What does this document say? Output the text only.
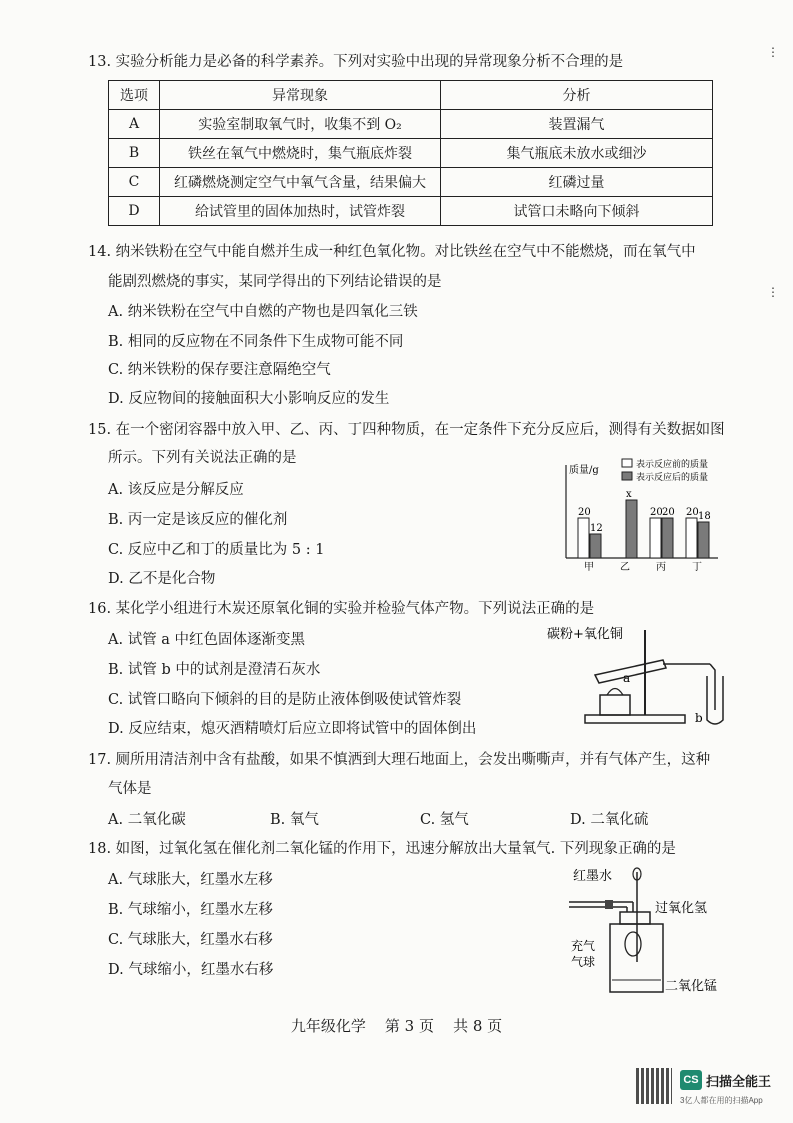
⋮
⋮
13. 实验分析能力是必备的科学素养。下列对实验中出现的异常现象分析不合理的是
选项	异常现象	分析
A	实验室制取氧气时，收集不到 O₂	装置漏气
B	铁丝在氧气中燃烧时，集气瓶底炸裂	集气瓶底未放水或细沙
C	红磷燃烧测定空气中氧气含量，结果偏大	红磷过量
D	给试管里的固体加热时，试管炸裂	试管口未略向下倾斜
14. 纳米铁粉在空气中能自燃并生成一种红色氧化物。对比铁丝在空气中不能燃烧，而在氧气中
能剧烈燃烧的事实，某同学得出的下列结论错误的是
A. 纳米铁粉在空气中自燃的产物也是四氧化三铁
B. 相同的反应物在不同条件下生成物可能不同
C. 纳米铁粉的保存要注意隔绝空气
D. 反应物间的接触面积大小影响反应的发生
15. 在一个密闭容器中放入甲、乙、丙、丁四种物质，在一定条件下充分反应后，测得有关数据如图
所示。下列有关说法正确的是
A. 该反应是分解反应
B. 丙一定是该反应的催化剂
C. 反应中乙和丁的质量比为 5 : 1
D. 乙不是化合物
表示反应前的质量
表示反应后的质量
质量/g
20
12
甲
x
乙
20 20
丙
20 18
丁
16. 某化学小组进行木炭还原氧化铜的实验并检验气体产物。下列说法正确的是
A. 试管 a 中红色固体逐渐变黑
B. 试管 b 中的试剂是澄清石灰水
C. 试管口略向下倾斜的目的是防止液体倒吸使试管炸裂
D. 反应结束，熄灭酒精喷灯后应立即将试管中的固体倒出
碳粉+氧化铜
a
b
17. 厕所用清洁剂中含有盐酸，如果不慎洒到大理石地面上，会发出嘶嘶声，并有气体产生，这种
气体是
A. 二氧化碳	B. 氧气	C. 氢气	D. 二氧化硫
18. 如图，过氧化氢在催化剂二氧化锰的作用下，迅速分解放出大量氧气. 下列现象正确的是
A. 气球胀大，红墨水左移
B. 气球缩小，红墨水左移
C. 气球胀大，红墨水右移
D. 气球缩小，红墨水右移
红墨水
过氧化氢
充气
气球
二氧化锰
九年级化学    第 3 页    共 8 页
CS 扫描全能王
3亿人都在用的扫描App
